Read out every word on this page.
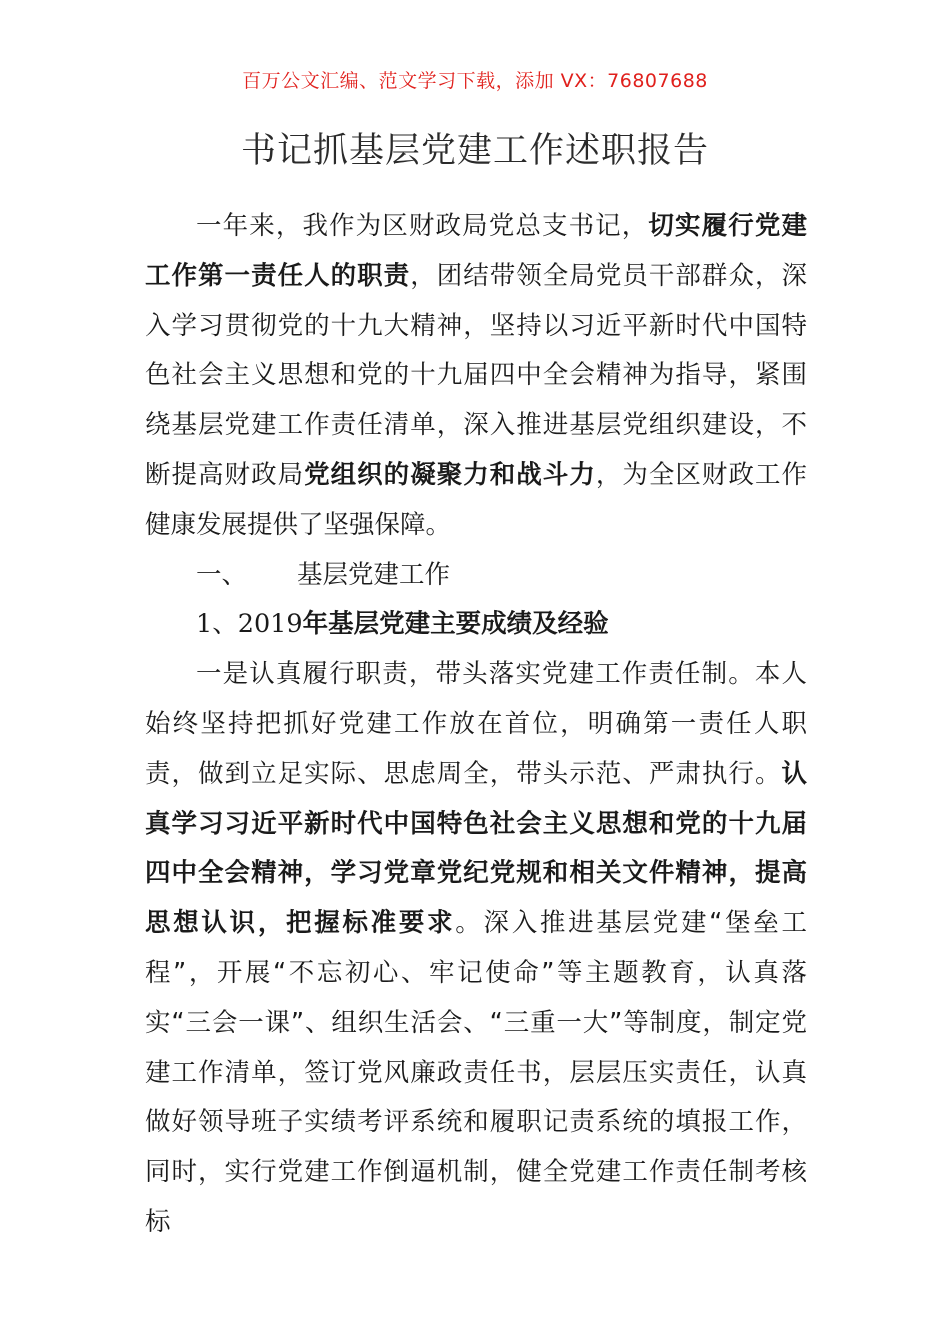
百万公文汇编、范文学习下载，添加 VX：76807688
书记抓基层党建工作述职报告

一年来，我作为区财政局党总支书记，切实履行党建工作第一责任人的职责，团结带领全局党员干部群众，深入学习贯彻党的十九大精神，坚持以习近平新时代中国特色社会主义思想和党的十九届四中全会精神为指导，紧围绕基层党建工作责任清单，深入推进基层党组织建设，不断提高财政局党组织的凝聚力和战斗力，为全区财政工作健康发展提供了坚强保障。

一、 基层党建工作

1、2019年基层党建主要成绩及经验

一是认真履行职责，带头落实党建工作责任制。本人始终坚持把抓好党建工作放在首位，明确第一责任人职责，做到立足实际、思虑周全，带头示范、严肃执行。认真学习习近平新时代中国特色社会主义思想和党的十九届四中全会精神，学习党章党纪党规和相关文件精神，提高思想认识，把握标准要求。深入推进基层党建“堡垒工程”，开展“不忘初心、牢记使命”等主题教育，认真落实“三会一课”、组织生活会、“三重一大”等制度，制定党建工作清单，签订党风廉政责任书，层层压实责任，认真做好领导班子实绩考评系统和履职记责系统的填报工作，同时，实行党建工作倒逼机制，健全党建工作责任制考核标
